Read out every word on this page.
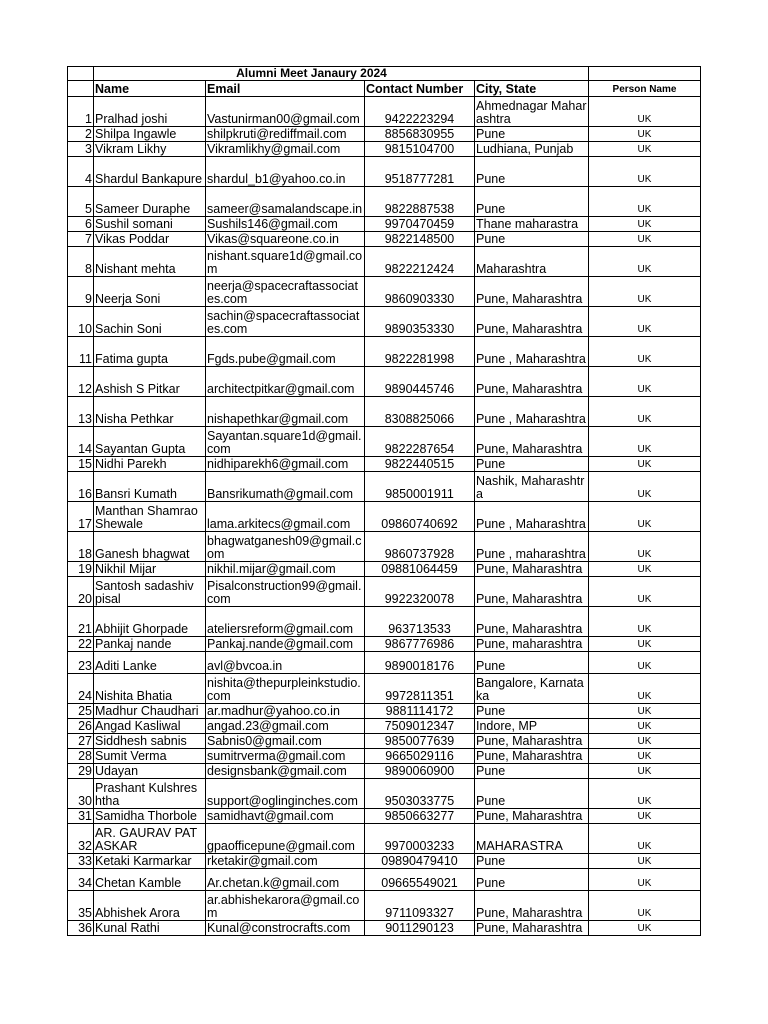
	Alumni Meet Janaury 2024				
	Name	Email	Contact Number	City, State	Person Name
1	Pralhad joshi	Vastunirman00@gmail.com	9422223294	Ahmednagar Maharashtra	UK
2	Shilpa Ingawle	shilpkruti@rediffmail.com	8856830955	Pune	UK
3	Vikram Likhy	Vikramlikhy@gmail.com	9815104700	Ludhiana, Punjab	UK
4	Shardul Bankapure	shardul_b1@yahoo.co.in	9518777281	Pune	UK
5	Sameer Duraphe	sameer@samalandscape.in	9822887538	Pune	UK
6	Sushil somani	Sushils146@gmail.com	9970470459	Thane maharastra	UK
7	Vikas Poddar	Vikas@squareone.co.in	9822148500	Pune	UK
8	Nishant mehta	nishant.square1d@gmail.com	9822212424	Maharashtra	UK
9	Neerja Soni	neerja@spacecraftassociates.com	9860903330	Pune, Maharashtra	UK
10	Sachin Soni	sachin@spacecraftassociates.com	9890353330	Pune, Maharashtra	UK
11	Fatima gupta	Fgds.pube@gmail.com	9822281998	Pune , Maharashtra	UK
12	Ashish S Pitkar	architectpitkar@gmail.com	9890445746	Pune, Maharashtra	UK
13	Nisha Pethkar	nishapethkar@gmail.com	8308825066	Pune , Maharashtra	UK
14	Sayantan Gupta	Sayantan.square1d@gmail.com	9822287654	Pune, Maharashtra	UK
15	Nidhi Parekh	nidhiparekh6@gmail.com	9822440515	Pune	UK
16	Bansri Kumath	Bansrikumath@gmail.com	9850001911	Nashik, Maharashtra	UK
17	Manthan Shamrao Shewale	lama.arkitecs@gmail.com	09860740692	Pune , Maharashtra	UK
18	Ganesh bhagwat	bhagwatganesh09@gmail.com	9860737928	Pune , maharashtra	UK
19	Nikhil Mijar	nikhil.mijar@gmail.com	09881064459	Pune, Maharashtra	UK
20	Santosh sadashiv pisal	Pisalconstruction99@gmail.com	9922320078	Pune, Maharashtra	UK
21	Abhijit Ghorpade	ateliersreform@gmail.com	963713533	Pune, Maharashtra	UK
22	Pankaj nande	Pankaj.nande@gmail.com	9867776986	Pune, maharashtra	UK
23	Aditi Lanke	avl@bvcoa.in	9890018176	Pune	UK
24	Nishita Bhatia	nishita@thepurpleinkstudio.com	9972811351	Bangalore, Karnataka	UK
25	Madhur Chaudhari	ar.madhur@yahoo.co.in	9881114172	Pune	UK
26	Angad Kasliwal	angad.23@gmail.com	7509012347	Indore, MP	UK
27	Siddhesh sabnis	Sabnis0@gmail.com	9850077639	Pune, Maharashtra	UK
28	Sumit Verma	sumitrverma@gmail.com	9665029116	Pune, Maharashtra	UK
29	Udayan	designsbank@gmail.com	9890060900	Pune	UK
30	Prashant Kulshreshtha	support@oglinginches.com	9503033775	Pune	UK
31	Samidha Thorbole	samidhavt@gmail.com	9850663277	Pune, Maharashtra	UK
32	AR. GAURAV PATASKAR	gpaofficepune@gmail.com	9970003233	MAHARASTRA	UK
33	Ketaki Karmarkar	rketakir@gmail.com	09890479410	Pune	UK
34	Chetan Kamble	Ar.chetan.k@gmail.com	09665549021	Pune	UK
35	Abhishek Arora	ar.abhishekarora@gmail.com	9711093327	Pune, Maharashtra	UK
36	Kunal Rathi	Kunal@constrocrafts.com	9011290123	Pune, Maharashtra	UK
